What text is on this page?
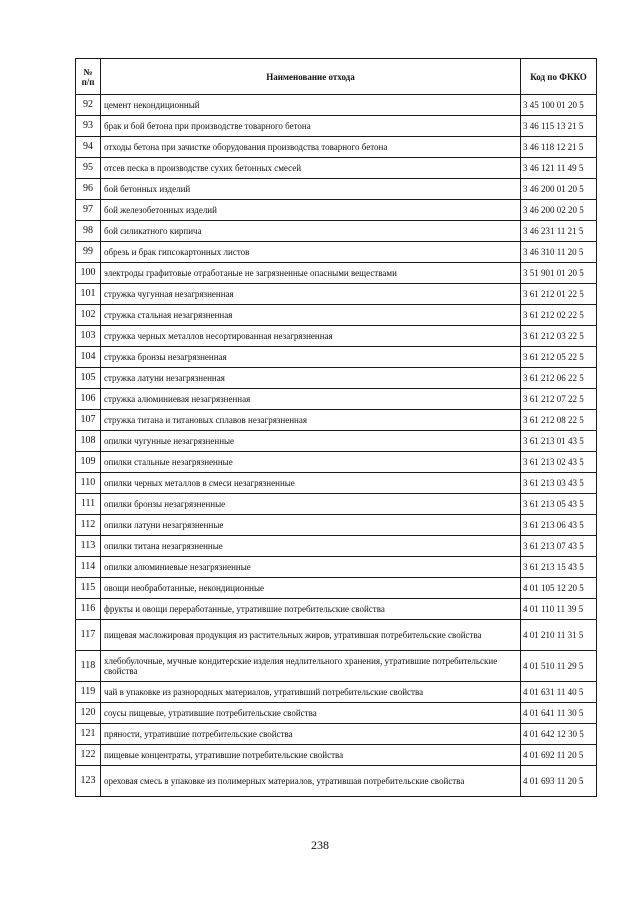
№
п/п	Наименование отхода	Код по ФККО
92	цемент некондиционный	3 45 100 01 20 5
93	брак и бой бетона при производстве товарного бетона	3 46 115 13 21 5
94	отходы бетона при зачистке оборудования производства товарного бетона	3 46 118 12 21 5
95	отсев песка в производстве сухих бетонных смесей	3 46 121 11 49 5
96	бой бетонных изделий	3 46 200 01 20 5
97	бой железобетонных изделий	3 46 200 02 20 5
98	бой силикатного кирпича	3 46 231 11 21 5
99	обрезь и брак гипсокартонных листов	3 46 310 11 20 5
100	электроды графитовые отработаные не загрязненные опасными веществами	3 51 901 01 20 5
101	стружка чугунная незагрязненная	3 61 212 01 22 5
102	стружка стальная незагрязненная	3 61 212 02 22 5
103	стружка черных металлов несортированная незагрязненная	3 61 212 03 22 5
104	стружка бронзы незагрязненная	3 61 212 05 22 5
105	стружка латуни незагрязненная	3 61 212 06 22 5
106	стружка алюминиевая незагрязненная	3 61 212 07 22 5
107	стружка титана и титановых сплавов незагрязненная	3 61 212 08 22 5
108	опилки чугунные незагрязненные	3 61 213 01 43 5
109	опилки стальные незагрязненные	3 61 213 02 43 5
110	опилки черных металлов в смеси незагрязненные	3 61 213 03 43 5
111	опилки бронзы незагрязненные	3 61 213 05 43 5
112	опилки латуни незагрязненные	3 61 213 06 43 5
113	опилки титана незагрязненные	3 61 213 07 43 5
114	опилки алюминиевые незагрязненные	3 61 213 15 43 5
115	овощи необработанные, некондиционные	4 01 105 12 20 5
116	фрукты и овощи переработанные, утратившие потребительские свойства	4 01 110 11 39 5
117	пищевая масложировая продукция из растительных жиров, утратившая потребительские свойства	4 01 210 11 31 5
118	хлебобулочные, мучные кондитерские изделия недлительного хранения, утратившие потребительские свойства	4 01 510 11 29 5
119	чай в упаковке из разнородных материалов, утративший потребительские свойства	4 01 631 11 40 5
120	соусы пищевые, утратившие потребительские свойства	4 01 641 11 30 5
121	пряности, утратившие потребительские свойства	4 01 642 12 30 5
122	пищевые концентраты, утратившие потребительские свойства	4 01 692 11 20 5
123	ореховая смесь в упаковке из полимерных материалов, утратившая потребительские свойства	4 01 693 11 20 5
238
